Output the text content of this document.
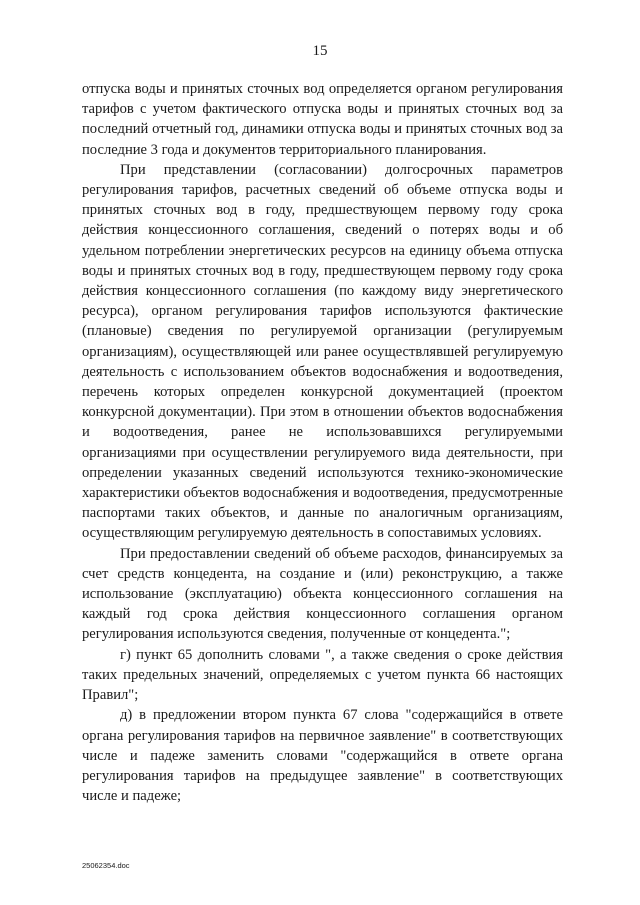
15

отпуска воды и принятых сточных вод определяется органом регулирования тарифов с учетом фактического отпуска воды и принятых сточных вод за последний отчетный год, динамики отпуска воды и принятых сточных вод за последние 3 года и документов территориального планирования.

При представлении (согласовании) долгосрочных параметров регулирования тарифов, расчетных сведений об объеме отпуска воды и принятых сточных вод в году, предшествующем первому году срока действия концессионного соглашения, сведений о потерях воды и об удельном потреблении энергетических ресурсов на единицу объема отпуска воды и принятых сточных вод в году, предшествующем первому году срока действия концессионного соглашения (по каждому виду энергетического ресурса), органом регулирования тарифов используются фактические (плановые) сведения по регулируемой организации (регулируемым организациям), осуществляющей или ранее осуществлявшей регулируемую деятельность с использованием объектов водоснабжения и водоотведения, перечень которых определен конкурсной документацией (проектом конкурсной документации). При этом в отношении объектов водоснабжения и водоотведения, ранее не использовавшихся регулируемыми организациями при осуществлении регулируемого вида деятельности, при определении указанных сведений используются технико-экономические характеристики объектов водоснабжения и водоотведения, предусмотренные паспортами таких объектов, и данные по аналогичным организациям, осуществляющим регулируемую деятельность в сопоставимых условиях.

При предоставлении сведений об объеме расходов, финансируемых за счет средств концедента, на создание и (или) реконструкцию, а также использование (эксплуатацию) объекта концессионного соглашения на каждый год срока действия концессионного соглашения органом регулирования используются сведения, полученные от концедента.";

г) пункт 65 дополнить словами ", а также сведения о сроке действия таких предельных значений, определяемых с учетом пункта 66 настоящих Правил";

д) в предложении втором пункта 67 слова "содержащийся в ответе органа регулирования тарифов на первичное заявление" в соответствующих числе и падеже заменить словами "содержащийся в ответе органа регулирования тарифов на предыдущее заявление" в соответствующих числе и падеже;

25062354.doc
